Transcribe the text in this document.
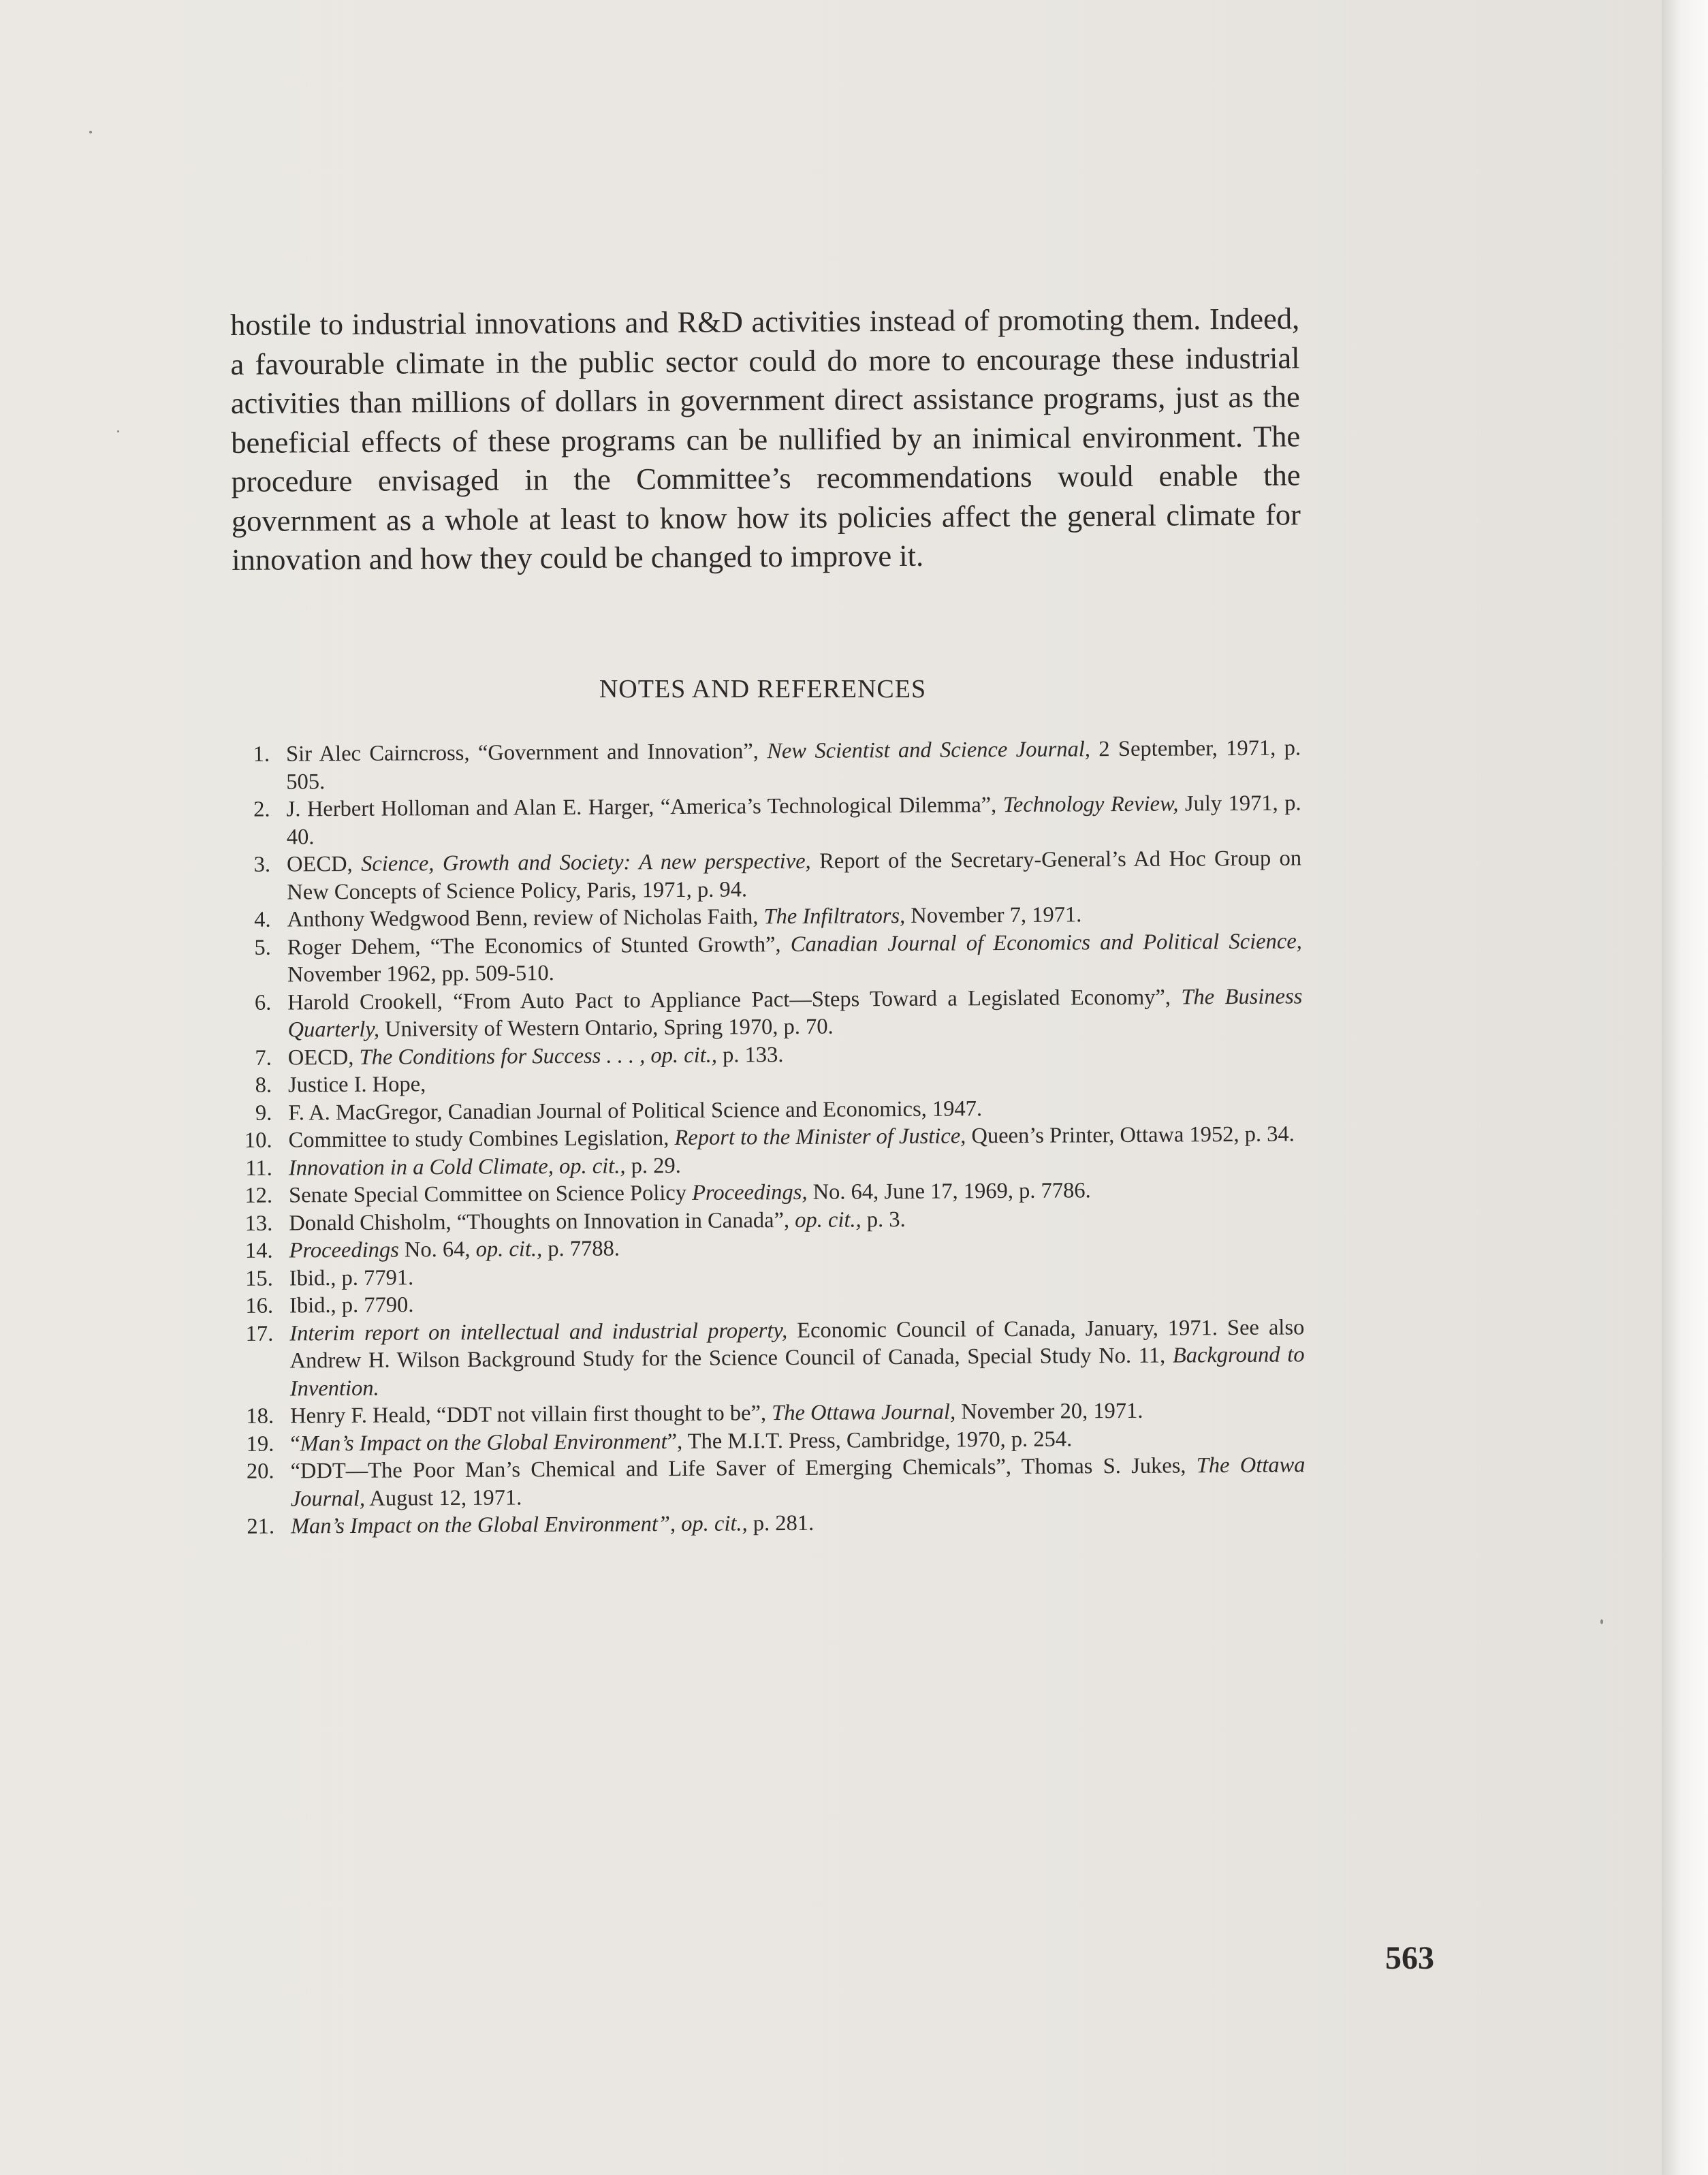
hostile to industrial innovations and R&D activities instead of promoting them. Indeed, a favourable climate in the public sector could do more to encourage these industrial activities than millions of dollars in government direct assistance programs, just as the beneficial effects of these programs can be nullified by an inimical environment. The procedure envisaged in the Committee’s recommendations would enable the government as a whole at least to know how its policies affect the general climate for innovation and how they could be changed to improve it.

NOTES AND REFERENCES
1. Sir Alec Cairncross, “Government and Innovation”, New Scientist and Science Journal, 2 September, 1971, p. 505.
2. J. Herbert Holloman and Alan E. Harger, “America’s Technological Dilemma”, Technology Review, July 1971, p. 40.
3. OECD, Science, Growth and Society: A new perspective, Report of the Secretary-General’s Ad Hoc Group on New Concepts of Science Policy, Paris, 1971, p. 94.
4. Anthony Wedgwood Benn, review of Nicholas Faith, The Infiltrators, November 7, 1971.
5. Roger Dehem, “The Economics of Stunted Growth”, Canadian Journal of Economics and Political Science, November 1962, pp. 509-510.
6. Harold Crookell, “From Auto Pact to Appliance Pact—Steps Toward a Legislated Economy”, The Business Quarterly, University of Western Ontario, Spring 1970, p. 70.
7. OECD, The Conditions for Success . . . , op. cit., p. 133.
8. Justice I. Hope,
9. F. A. MacGregor, Canadian Journal of Political Science and Economics, 1947.
10. Committee to study Combines Legislation, Report to the Minister of Justice, Queen’s Printer, Ottawa 1952, p. 34.
11. Innovation in a Cold Climate, op. cit., p. 29.
12. Senate Special Committee on Science Policy Proceedings, No. 64, June 17, 1969, p. 7786.
13. Donald Chisholm, “Thoughts on Innovation in Canada”, op. cit., p. 3.
14. Proceedings No. 64, op. cit., p. 7788.
15. Ibid., p. 7791.
16. Ibid., p. 7790.
17. Interim report on intellectual and industrial property, Economic Council of Canada, January, 1971. See also Andrew H. Wilson Background Study for the Science Council of Canada, Special Study No. 11, Background to Invention.
18. Henry F. Heald, “DDT not villain first thought to be”, The Ottawa Journal, November 20, 1971.
19. “Man’s Impact on the Global Environment”, The M.I.T. Press, Cambridge, 1970, p. 254.
20. “DDT—The Poor Man’s Chemical and Life Saver of Emerging Chemicals”, Thomas S. Jukes, The Ottawa Journal, August 12, 1971.
21. Man’s Impact on the Global Environment”, op. cit., p. 281.
563
